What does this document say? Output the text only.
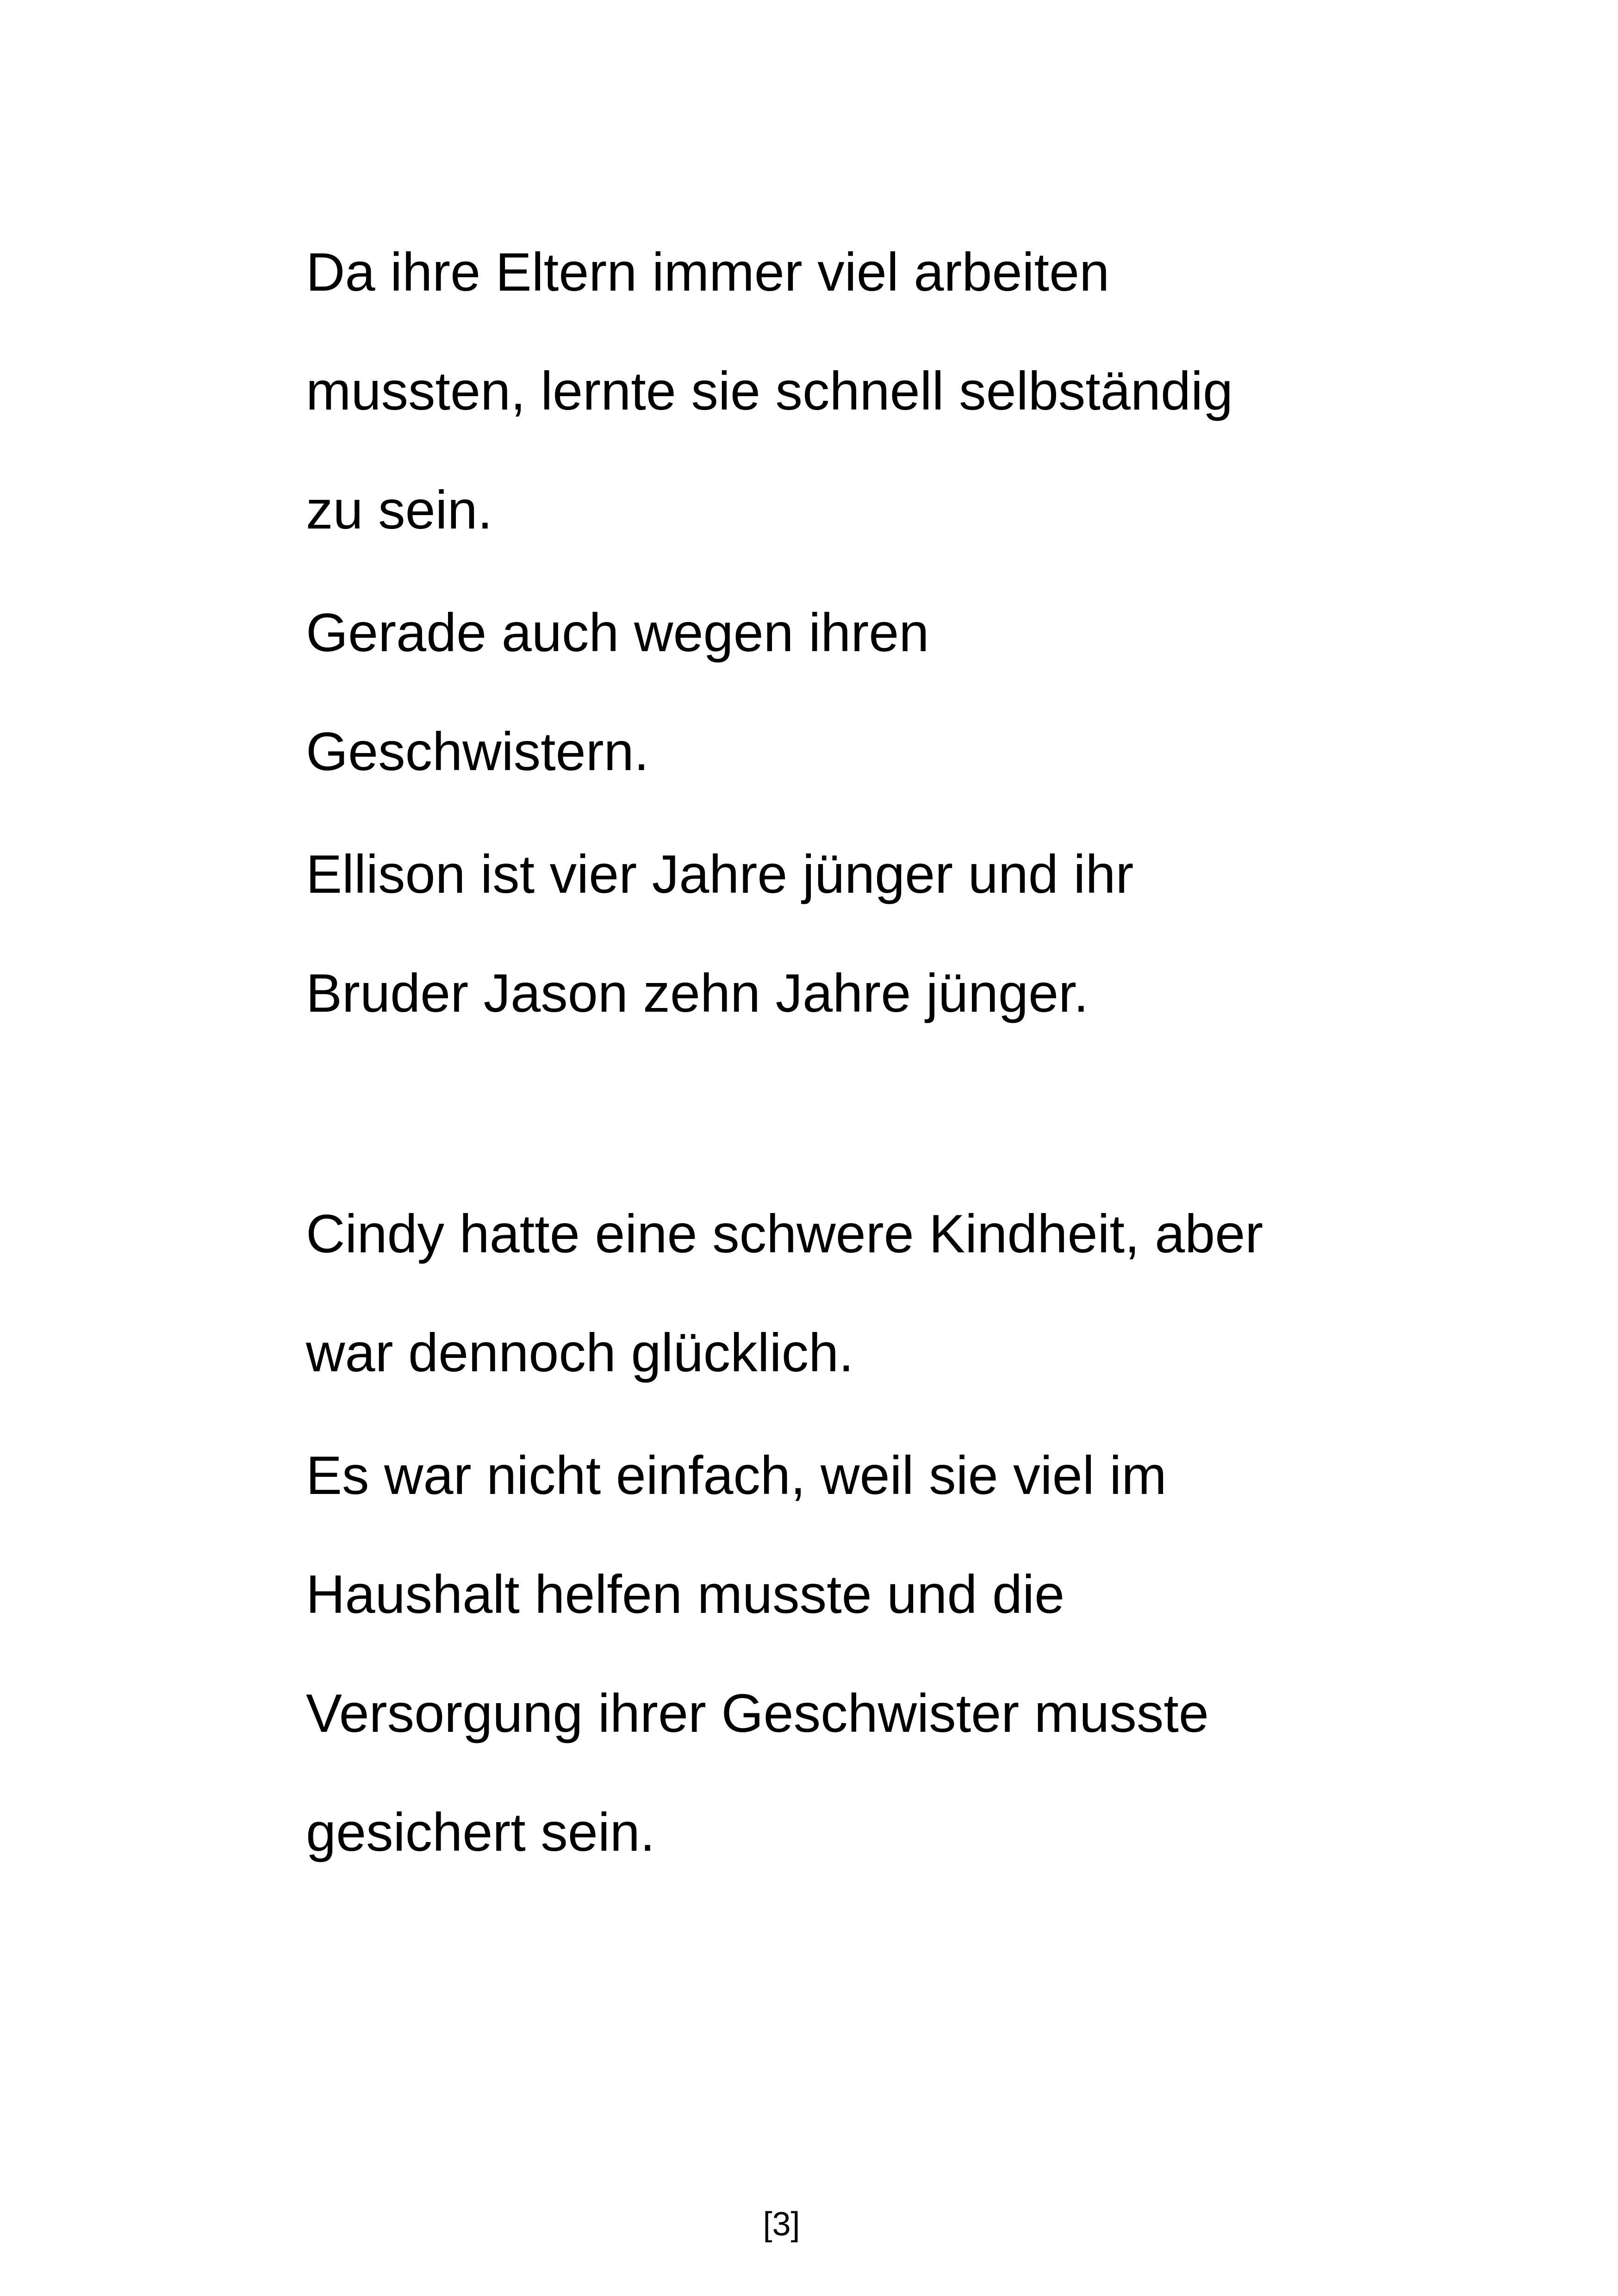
Da ihre Eltern immer viel arbeiten
mussten, lernte sie schnell selbständig
zu sein.
Gerade auch wegen ihren
Geschwistern.
Ellison ist vier Jahre jünger und ihr
Bruder Jason zehn Jahre jünger.
Cindy hatte eine schwere Kindheit, aber
war dennoch glücklich.
Es war nicht einfach, weil sie viel im
Haushalt helfen musste und die
Versorgung ihrer Geschwister musste
gesichert sein.
[3]
